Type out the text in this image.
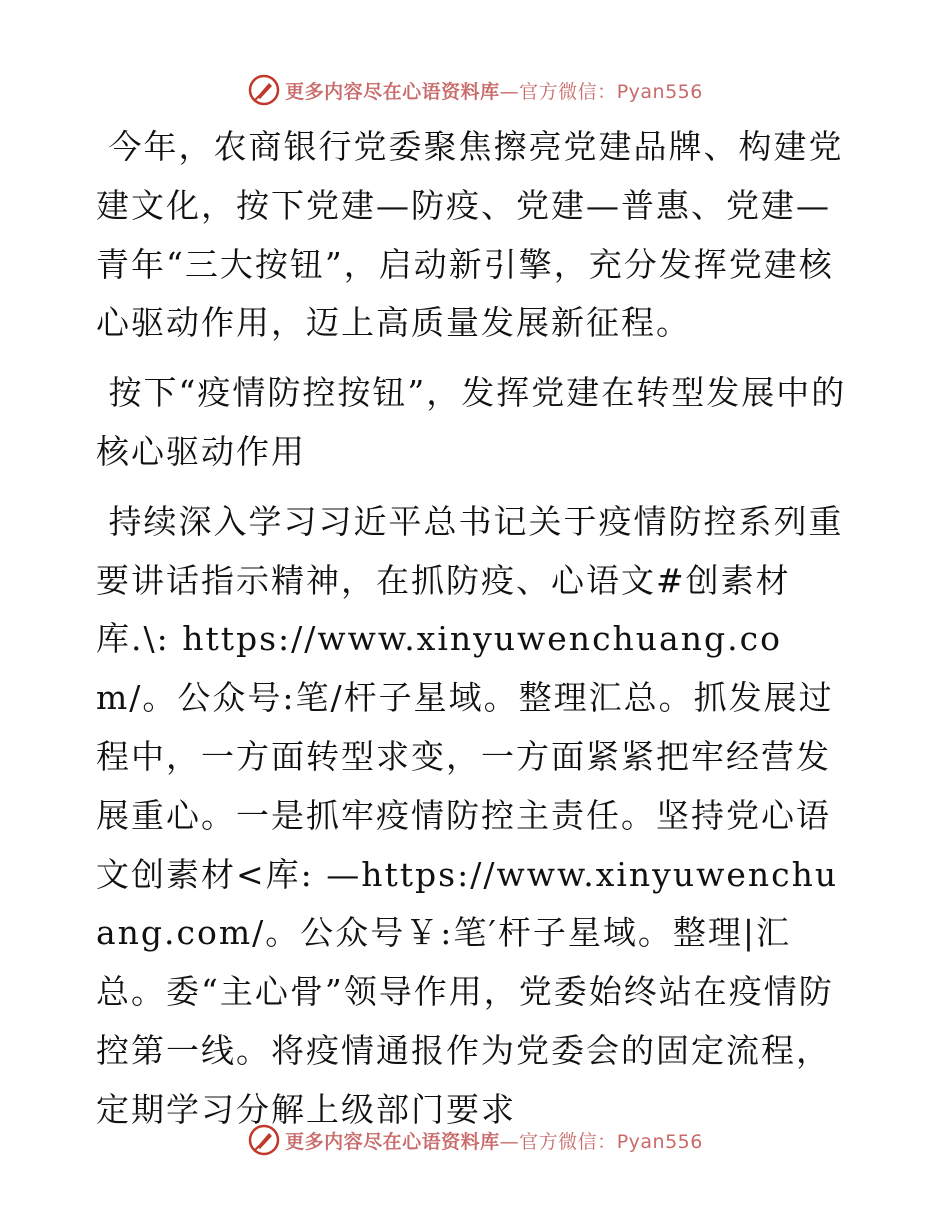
更多内容尽在心语资料库—官方微信：Pyan556

今年，农商银行党委聚焦擦亮党建品牌、构建党建文化，按下党建—防疫、党建—普惠、党建—青年“三大按钮”，启动新引擎，充分发挥党建核心驱动作用，迈上高质量发展新征程。

按下“疫情防控按钮”，发挥党建在转型发展中的核心驱动作用

持续深入学习习近平总书记关于疫情防控系列重要讲话指示精神，在抓防疫、心语文#创素材库.\: https://www.xinyuwenchuang.com/。公众号:笔/杆子星域。整理汇总。抓发展过程中，一方面转型求变，一方面紧紧把牢经营发展重心。一是抓牢疫情防控主责任。坚持党心语文创素材<库: —https://www.xinyuwenchuang.com/。公众号￥:笔′杆子星域。整理|汇总。委“主心骨”领导作用，党委始终站在疫情防控第一线。将疫情通报作为党委会的固定流程，定期学习分解上级部门要求

更多内容尽在心语资料库—官方微信：Pyan556
